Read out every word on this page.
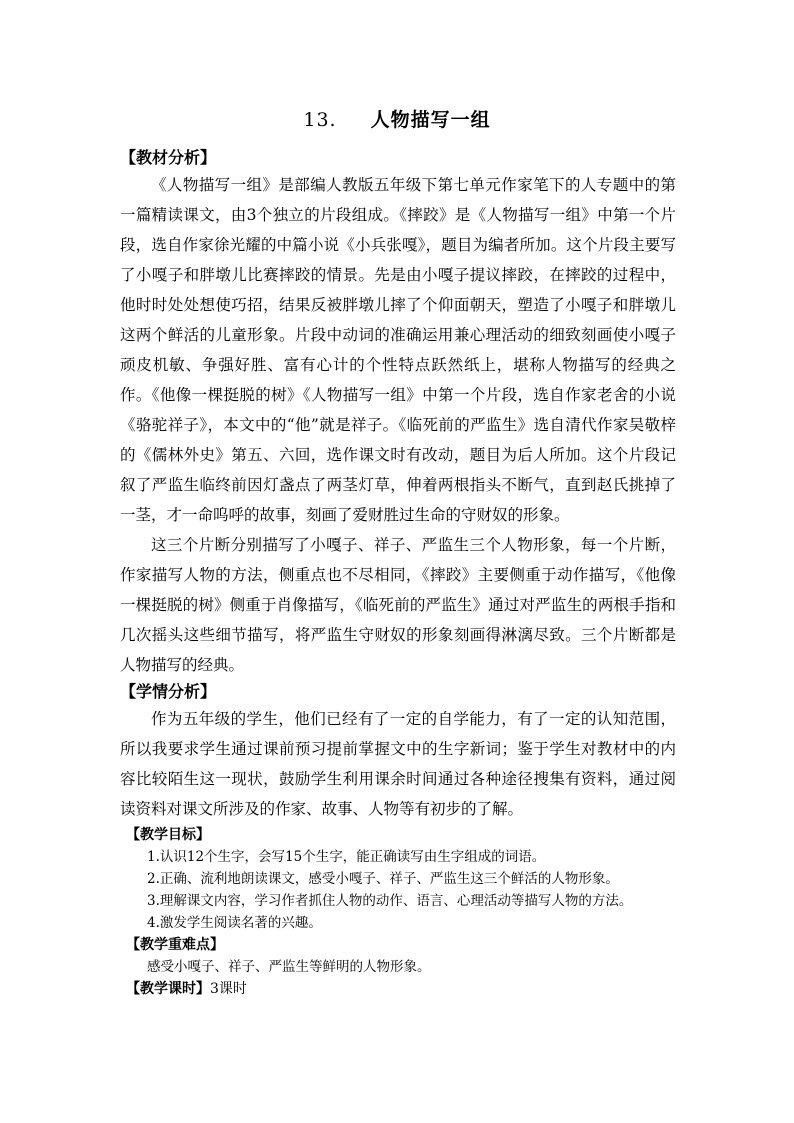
13. 人物描写一组

【教材分析】

《人物描写一组》是部编人教版五年级下第七单元作家笔下的人专题中的第一篇精读课文，由3个独立的片段组成。《摔跤》是《人物描写一组》中第一个片段，选自作家徐光耀的中篇小说《小兵张嘎》，题目为编者所加。这个片段主要写了小嘎子和胖墩儿比赛摔跤的情景。先是由小嘎子提议摔跤，在摔跤的过程中，他时时处处想使巧招，结果反被胖墩儿摔了个仰面朝天，塑造了小嘎子和胖墩儿这两个鲜活的儿童形象。片段中动词的准确运用兼心理活动的细致刻画使小嘎子顽皮机敏、争强好胜、富有心计的个性特点跃然纸上，堪称人物描写的经典之作。《他像一棵挺脱的树》《人物描写一组》中第一个片段，选自作家老舍的小说《骆驼祥子》，本文中的“他”就是祥子。《临死前的严监生》选自清代作家吴敬梓的《儒林外史》第五、六回，选作课文时有改动，题目为后人所加。这个片段记叙了严监生临终前因灯盏点了两茎灯草，伸着两根指头不断气，直到赵氏挑掉了一茎，才一命呜呼的故事，刻画了爱财胜过生命的守财奴的形象。

这三个片断分别描写了小嘎子、祥子、严监生三个人物形象，每一个片断，作家描写人物的方法，侧重点也不尽相同，《摔跤》主要侧重于动作描写，《他像一棵挺脱的树》侧重于肖像描写，《临死前的严监生》通过对严监生的两根手指和几次摇头这些细节描写，将严监生守财奴的形象刻画得淋漓尽致。三个片断都是人物描写的经典。

【学情分析】

作为五年级的学生，他们已经有了一定的自学能力，有了一定的认知范围，所以我要求学生通过课前预习提前掌握文中的生字新词；鉴于学生对教材中的内容比较陌生这一现状，鼓励学生利用课余时间通过各种途径搜集有资料，通过阅读资料对课文所涉及的作家、故事、人物等有初步的了解。

【教学目标】

1.认识12个生字，会写15个生字，能正确读写由生字组成的词语。

2.正确、流利地朗读课文，感受小嘎子、祥子、严监生这三个鲜活的人物形象。

3.理解课文内容，学习作者抓住人物的动作、语言、心理活动等描写人物的方法。

4.激发学生阅读名著的兴趣。

【教学重难点】

感受小嘎子、祥子、严监生等鲜明的人物形象。

【教学课时】3课时
